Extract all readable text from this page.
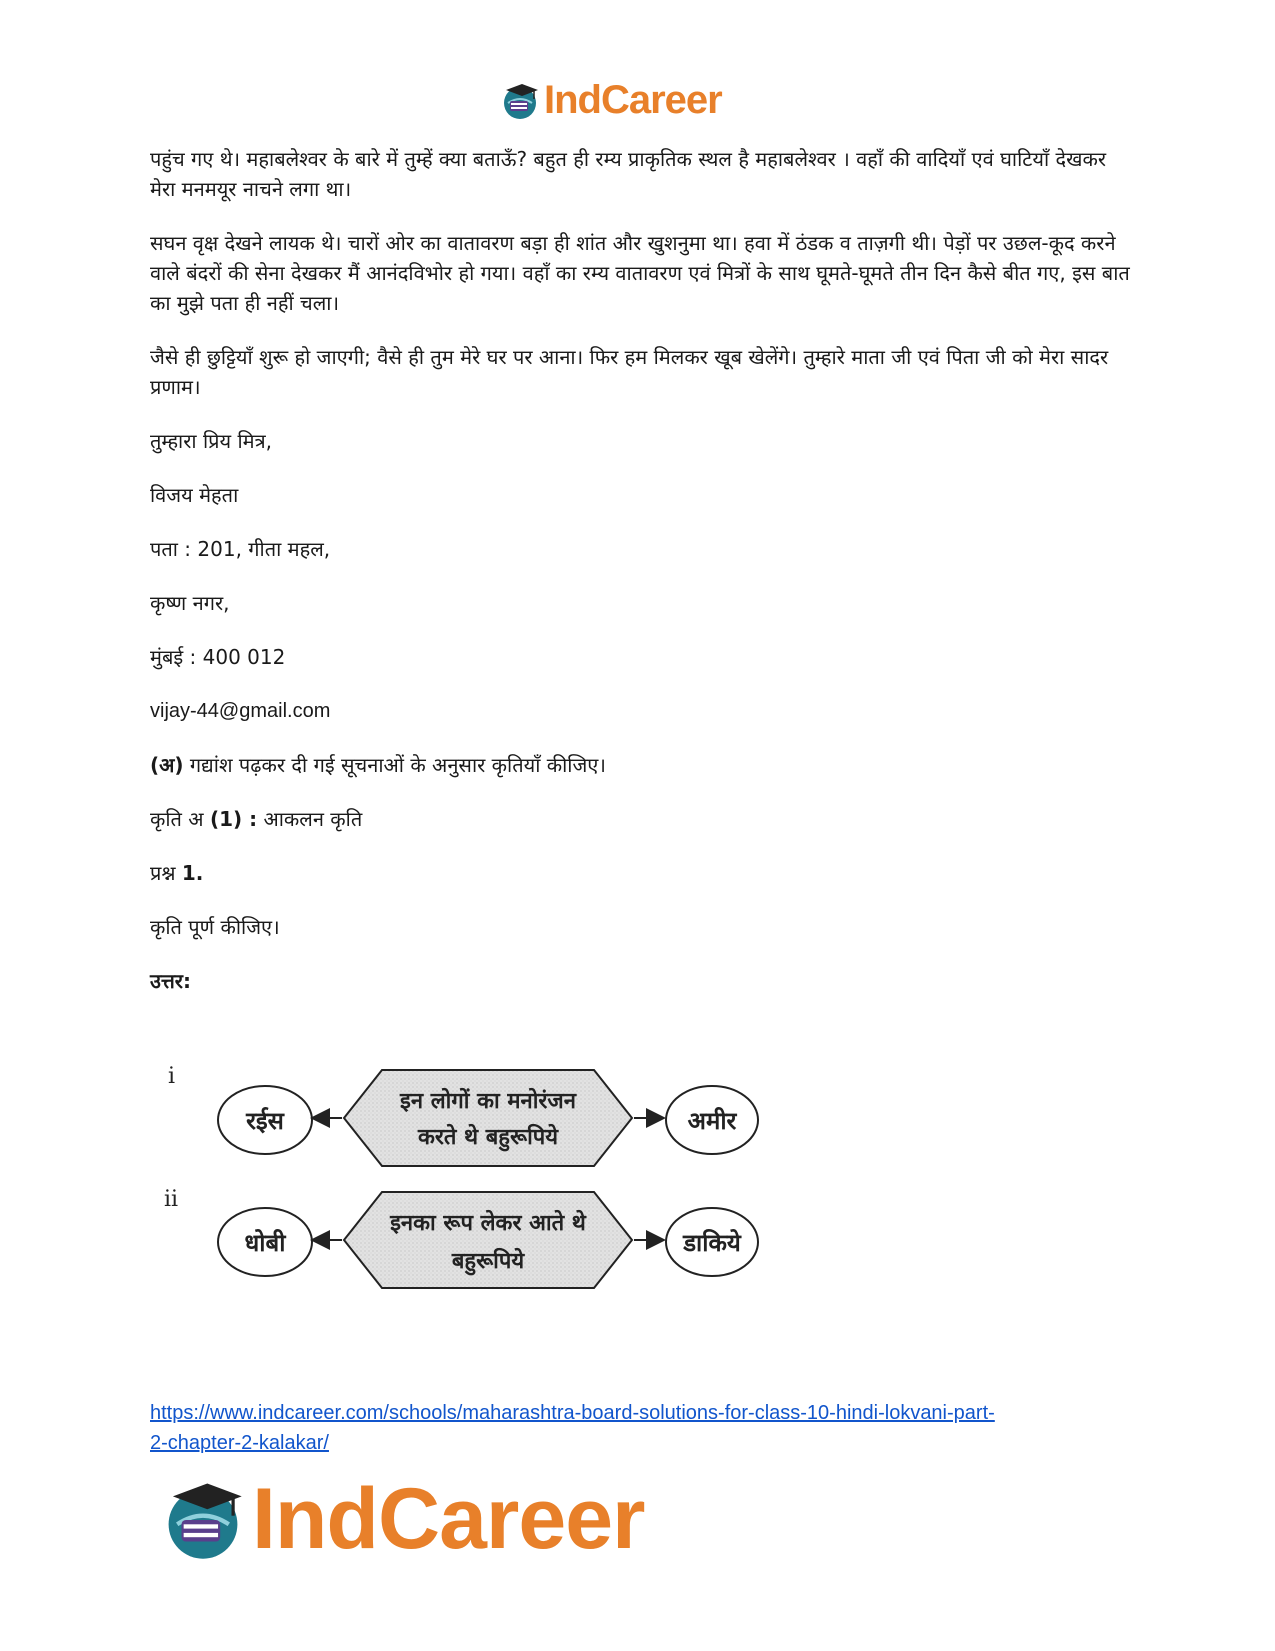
IndCareer

पहुंच गए थे। महाबलेश्वर के बारे में तुम्हें क्या बताऊँ? बहुत ही रम्य प्राकृतिक स्थल है महाबलेश्वर । वहाँ की वादियाँ एवं घाटियाँ देखकर मेरा मनमयूर नाचने लगा था।

सघन वृक्ष देखने लायक थे। चारों ओर का वातावरण बड़ा ही शांत और खुशनुमा था। हवा में ठंडक व ताज़गी थी। पेड़ों पर उछल-कूद करने वाले बंदरों की सेना देखकर मैं आनंदविभोर हो गया। वहाँ का रम्य वातावरण एवं मित्रों के साथ घूमते-घूमते तीन दिन कैसे बीत गए, इस बात का मुझे पता ही नहीं चला।

जैसे ही छुट्टियाँ शुरू हो जाएगी; वैसे ही तुम मेरे घर पर आना। फिर हम मिलकर खूब खेलेंगे। तुम्हारे माता जी एवं पिता जी को मेरा सादर प्रणाम।

तुम्हारा प्रिय मित्र,
विजय मेहता
पता : 201, गीता महल,
कृष्ण नगर,
मुंबई : 400 012
vijay-44@gmail.com
(अ) गद्यांश पढ़कर दी गई सूचनाओं के अनुसार कृतियाँ कीजिए।
कृति अ (1) : आकलन कृति
प्रश्न 1.
कृति पूर्ण कीजिए।
उत्तर:
i
रईस
इन लोगों का मनोरंजन
करते थे बहुरूपिये
अमीर
ii
धोबी
इनका रूप लेकर आते थे
बहुरूपिये
डाकिये
https://www.indcareer.com/schools/maharashtra-board-solutions-for-class-10-hindi-lokvani-part-
2-chapter-2-kalakar/
IndCareer
